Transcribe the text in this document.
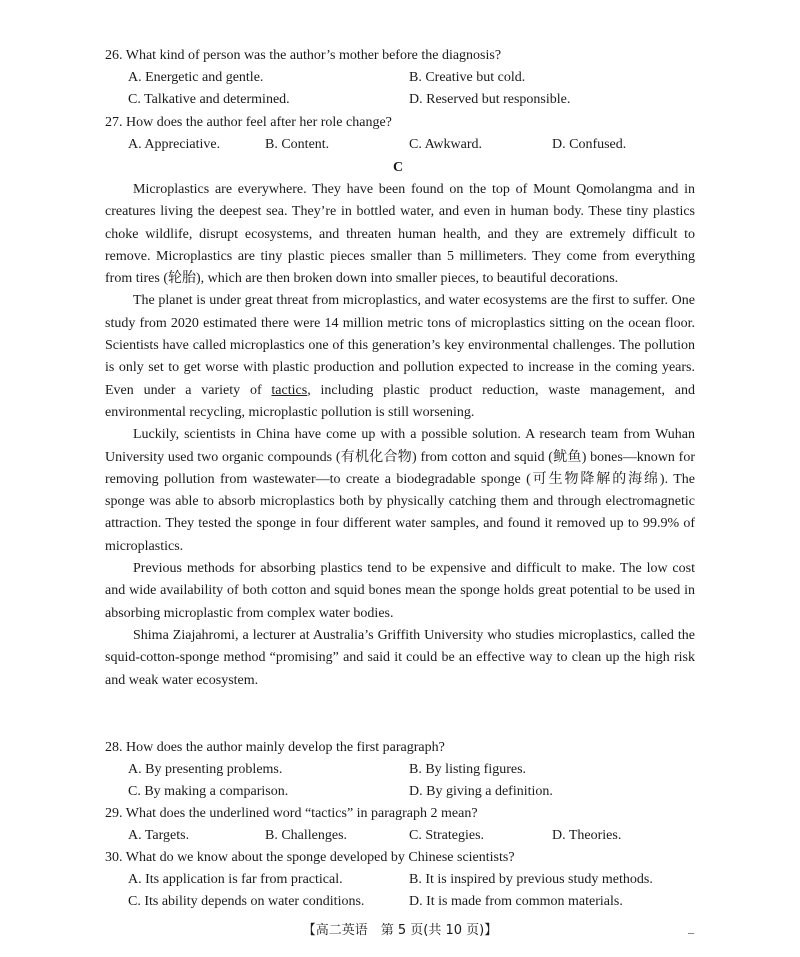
26. What kind of person was the author’s mother before the diagnosis?
A. Energetic and gentle.	B. Creative but cold.
C. Talkative and determined.	D. Reserved but responsible.
27. How does the author feel after her role change?
A. Appreciative.	B. Content.	C. Awkward.	D. Confused.
C

Microplastics are everywhere. They have been found on the top of Mount Qomolangma and in creatures living the deepest sea. They’re in bottled water, and even in human body. These tiny plastics choke wildlife, disrupt ecosystems, and threaten human health, and they are extremely difficult to remove. Microplastics are tiny plastic pieces smaller than 5 millimeters. They come from everything from tires (轮胎), which are then broken down into smaller pieces, to beautiful decorations.

The planet is under great threat from microplastics, and water ecosystems are the first to suffer. One study from 2020 estimated there were 14 million metric tons of microplastics sitting on the ocean floor. Scientists have called microplastics one of this generation’s key environmental challenges. The pollution is only set to get worse with plastic production and pollution expected to increase in the coming years. Even under a variety of tactics, including plastic product reduction, waste management, and environmental recycling, microplastic pollution is still worsening.

Luckily, scientists in China have come up with a possible solution. A research team from Wuhan University used two organic compounds (有机化合物) from cotton and squid (鱿鱼) bones—known for removing pollution from wastewater—to create a biodegradable sponge (可生物降解的海绵). The sponge was able to absorb microplastics both by physically catching them and through electromagnetic attraction. They tested the sponge in four different water samples, and found it removed up to 99.9% of microplastics.

Previous methods for absorbing plastics tend to be expensive and difficult to make. The low cost and wide availability of both cotton and squid bones mean the sponge holds great potential to be used in absorbing microplastic from complex water bodies.

Shima Ziajahromi, a lecturer at Australia’s Griffith University who studies microplastics, called the squid-cotton-sponge method “promising” and said it could be an effective way to clean up the high risk and weak water ecosystem.

28. How does the author mainly develop the first paragraph?
A. By presenting problems.	B. By listing figures.
C. By making a comparison.	D. By giving a definition.
29. What does the underlined word “tactics” in paragraph 2 mean?
A. Targets.	B. Challenges.	C. Strategies.	D. Theories.
30. What do we know about the sponge developed by Chinese scientists?
A. Its application is far from practical.	B. It is inspired by previous study methods.
C. Its ability depends on water conditions.	D. It is made from common materials.
【高二英语　第 5 页(共 10 页)】	–
